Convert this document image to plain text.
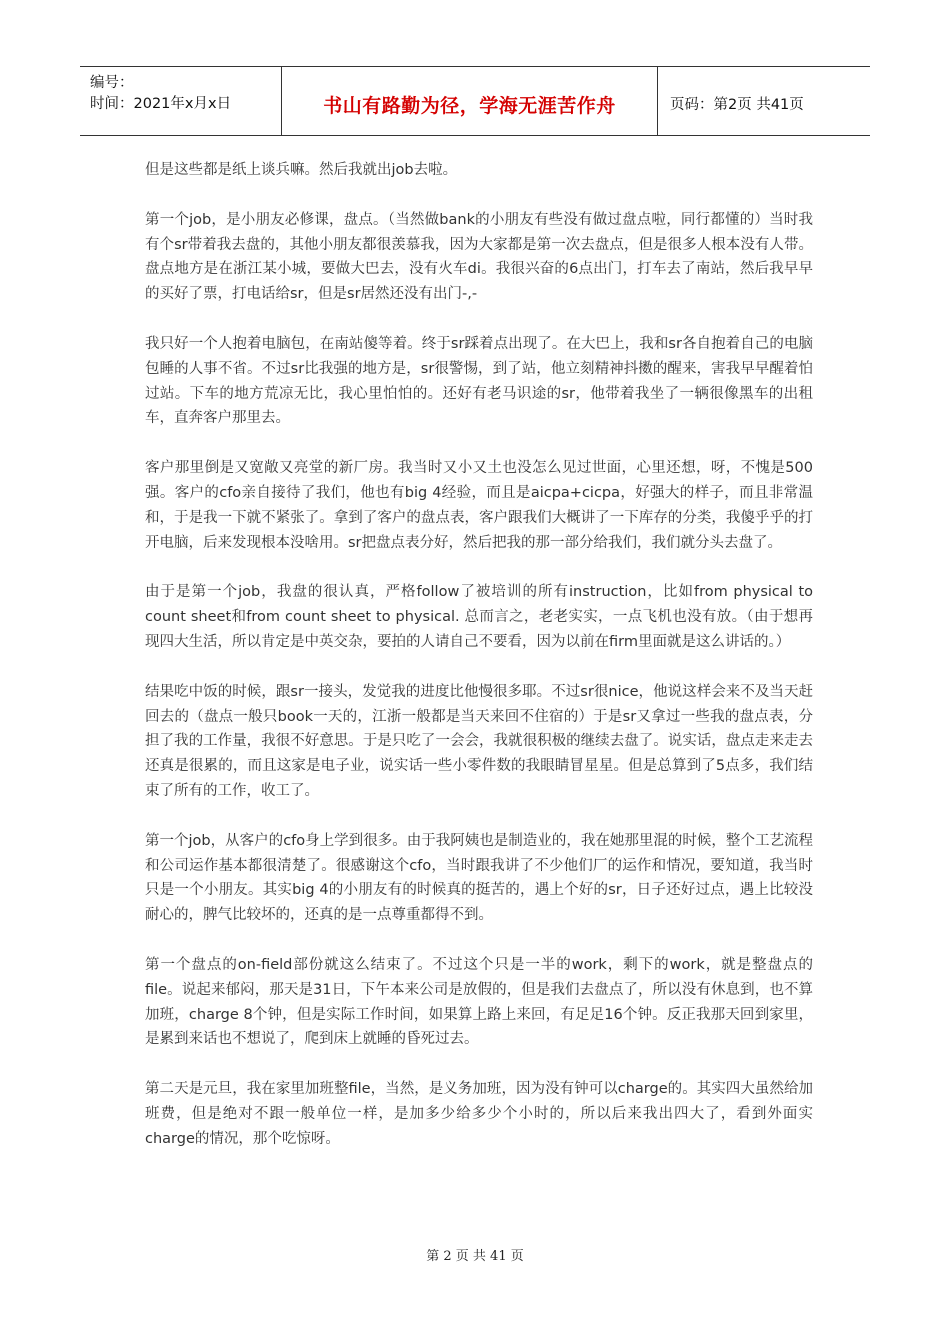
编号：
时间：2021年x月x日	书山有路勤为径，学海无涯苦作舟	页码：第2页 共41页

但是这些都是纸上谈兵嘛。然后我就出job去啦。

第一个job，是小朋友必修课，盘点。（当然做bank的小朋友有些没有做过盘点啦，同行都懂的）当时我有个sr带着我去盘的，其他小朋友都很羡慕我，因为大家都是第一次去盘点，但是很多人根本没有人带。盘点地方是在浙江某小城，要做大巴去，没有火车di。我很兴奋的6点出门，打车去了南站，然后我早早的买好了票，打电话给sr，但是sr居然还没有出门-,-

我只好一个人抱着电脑包，在南站傻等着。终于sr踩着点出现了。在大巴上，我和sr各自抱着自己的电脑包睡的人事不省。不过sr比我强的地方是，sr很警惕，到了站，他立刻精神抖擞的醒来，害我早早醒着怕过站。下车的地方荒凉无比，我心里怕怕的。还好有老马识途的sr，他带着我坐了一辆很像黑车的出租车，直奔客户那里去。

客户那里倒是又宽敞又亮堂的新厂房。我当时又小又土也没怎么见过世面，心里还想，呀，不愧是500强。客户的cfo亲自接待了我们，他也有big 4经验，而且是aicpa+cicpa，好强大的样子，而且非常温和，于是我一下就不紧张了。拿到了客户的盘点表，客户跟我们大概讲了一下库存的分类，我傻乎乎的打开电脑，后来发现根本没啥用。sr把盘点表分好，然后把我的那一部分给我们，我们就分头去盘了。

由于是第一个job，我盘的很认真，严格follow了被培训的所有instruction，比如from physical to count sheet和from count sheet to physical. 总而言之，老老实实，一点飞机也没有放。（由于想再现四大生活，所以肯定是中英交杂，要拍的人请自己不要看，因为以前在firm里面就是这么讲话的。）

结果吃中饭的时候，跟sr一接头，发觉我的进度比他慢很多耶。不过sr很nice，他说这样会来不及当天赶回去的（盘点一般只book一天的，江浙一般都是当天来回不住宿的）于是sr又拿过一些我的盘点表，分担了我的工作量，我很不好意思。于是只吃了一会会，我就很积极的继续去盘了。说实话，盘点走来走去还真是很累的，而且这家是电子业，说实话一些小零件数的我眼睛冒星星。但是总算到了5点多，我们结束了所有的工作，收工了。

第一个job，从客户的cfo身上学到很多。由于我阿姨也是制造业的，我在她那里混的时候，整个工艺流程和公司运作基本都很清楚了。很感谢这个cfo，当时跟我讲了不少他们厂的运作和情况，要知道，我当时只是一个小朋友。其实big 4的小朋友有的时候真的挺苦的，遇上个好的sr，日子还好过点，遇上比较没耐心的，脾气比较坏的，还真的是一点尊重都得不到。

第一个盘点的on-field部份就这么结束了。不过这个只是一半的work，剩下的work，就是整盘点的file。说起来郁闷，那天是31日，下午本来公司是放假的，但是我们去盘点了，所以没有休息到，也不算加班，charge 8个钟，但是实际工作时间，如果算上路上来回，有足足16个钟。反正我那天回到家里，是累到来话也不想说了，爬到床上就睡的昏死过去。

第二天是元旦，我在家里加班整file，当然，是义务加班，因为没有钟可以charge的。其实四大虽然给加班费，但是绝对不跟一般单位一样，是加多少给多少个小时的，所以后来我出四大了，看到外面实charge的情况，那个吃惊呀。

第 2 页 共 41 页
